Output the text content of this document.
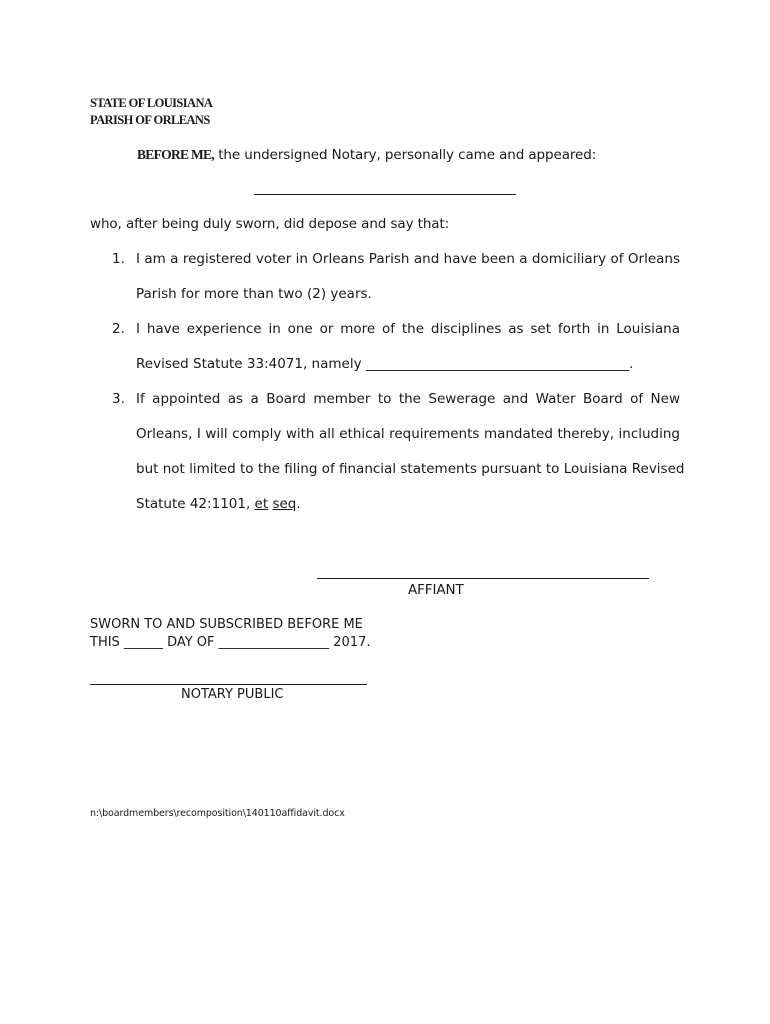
STATE OF LOUISIANA
PARISH OF ORLEANS
BEFORE ME, the undersigned Notary, personally came and appeared:
who, after being duly sworn, did depose and say that:
1. I am a registered voter in Orleans Parish and have been a domiciliary of Orleans
Parish for more than two (2) years.
2. I have experience in one or more of the disciplines as set forth in Louisiana
Revised Statute 33:4071, namely _______________________________________.
3. If appointed as a Board member to the Sewerage and Water Board of New
Orleans, I will comply with all ethical requirements mandated thereby, including
but not limited to the filing of financial statements pursuant to Louisiana Revised
Statute 42:1101, et seq.
AFFIANT
SWORN TO AND SUBSCRIBED BEFORE ME
THIS ______ DAY OF _________________ 2017.
NOTARY PUBLIC
n:\boardmembers\recomposition\140110affidavit.docx
